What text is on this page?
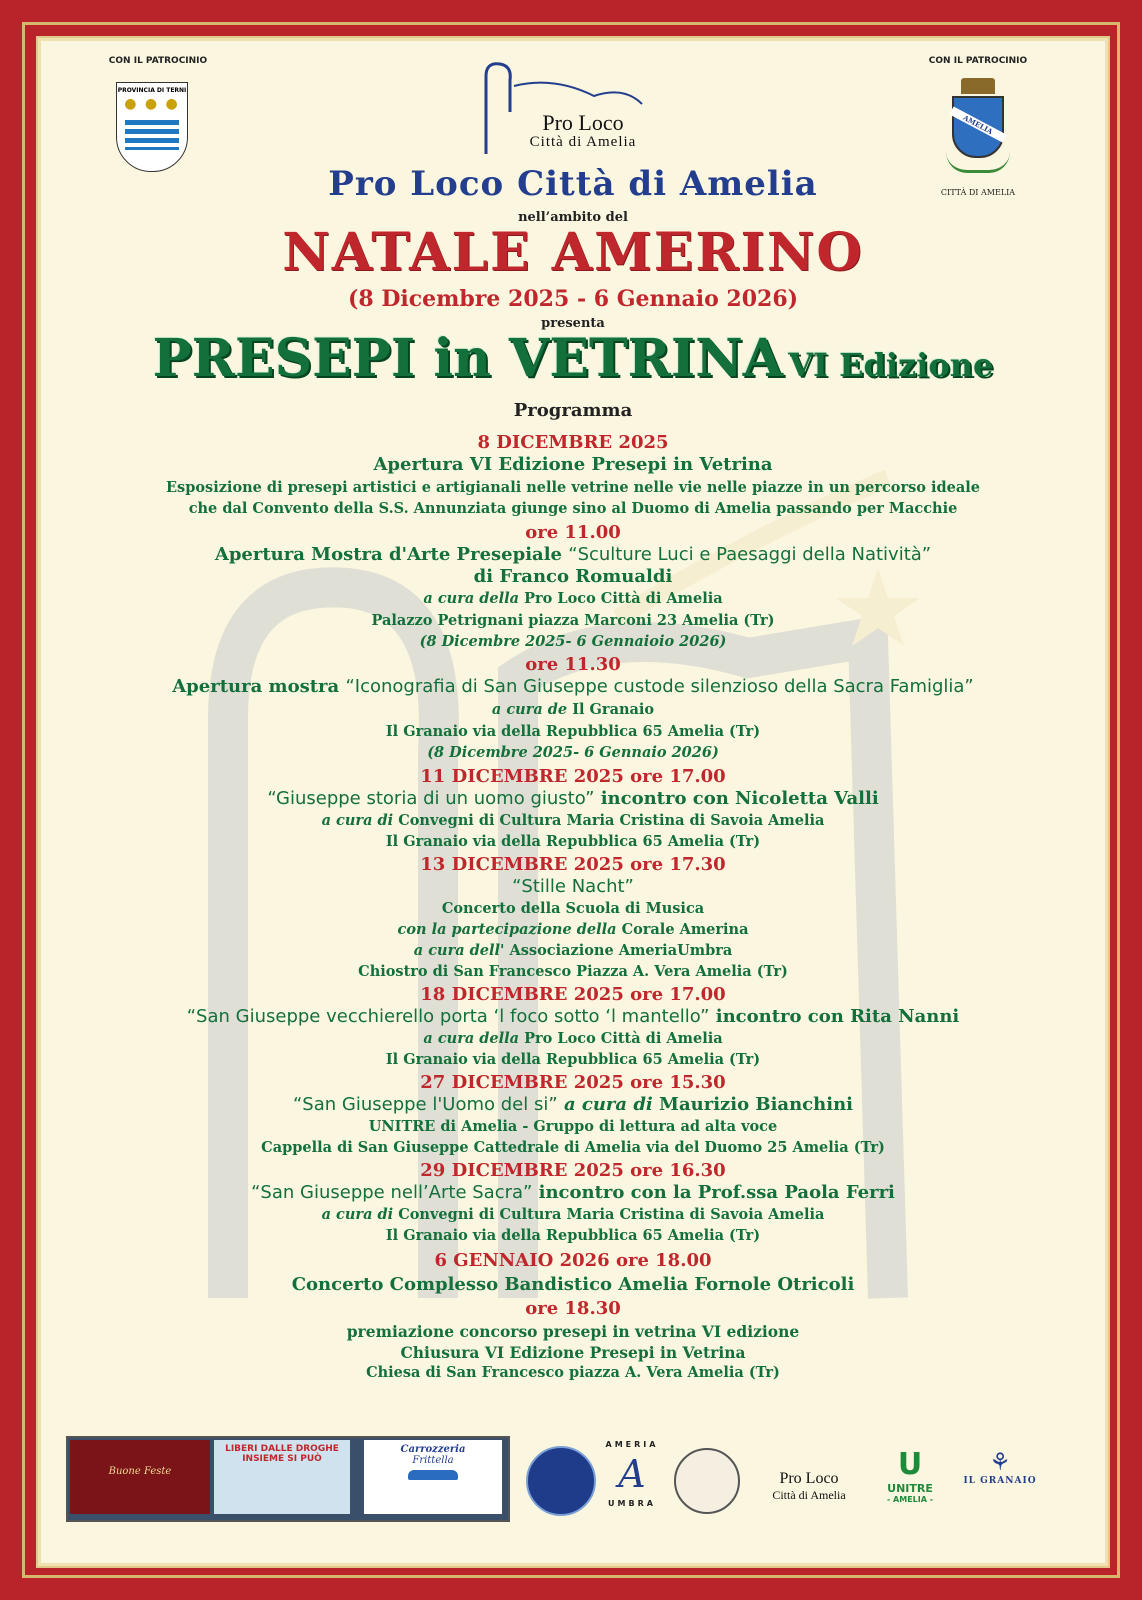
CON IL PATROCINIO
PROVINCIA DI TERNI
● ● ●
CON IL PATROCINIO
AMELIA
CITTÀ DI AMELIA
Pro Loco
Città di Amelia
Pro Loco Città di Amelia
nell’ambito del
NATALE AMERINO
(8 Dicembre 2025 - 6 Gennaio 2026)
presenta
PRESEPI in VETRINA VI Edizione
Programma
8 DICEMBRE 2025
Apertura VI Edizione Presepi in Vetrina
Esposizione di presepi artistici e artigianali nelle vetrine nelle vie nelle piazze in un percorso ideale
che dal Convento della S.S. Annunziata giunge sino al Duomo di Amelia passando per Macchie
ore 11.00
Apertura Mostra d'Arte Presepiale “Sculture Luci e Paesaggi della Natività”
di Franco Romualdi
a cura della Pro Loco Città di Amelia
Palazzo Petrignani piazza Marconi 23 Amelia (Tr)
(8 Dicembre 2025- 6 Gennaioio 2026)
ore 11.30
Apertura mostra “Iconografia di San Giuseppe custode silenzioso della Sacra Famiglia”
a cura de Il Granaio
Il Granaio via della Repubblica 65 Amelia (Tr)
(8 Dicembre 2025- 6 Gennaio 2026)
11 DICEMBRE 2025 ore 17.00
“Giuseppe storia di un uomo giusto” incontro con Nicoletta Valli
a cura di Convegni di Cultura Maria Cristina di Savoia Amelia
Il Granaio via della Repubblica 65 Amelia (Tr)
13 DICEMBRE 2025 ore 17.30
“Stille Nacht”
Concerto della Scuola di Musica
con la partecipazione della Corale Amerina
a cura dell' Associazione AmeriaUmbra
Chiostro di San Francesco Piazza A. Vera Amelia (Tr)
18 DICEMBRE 2025 ore 17.00
“San Giuseppe vecchierello porta ‘l foco sotto ‘l mantello” incontro con Rita Nanni
a cura della Pro Loco Città di Amelia
Il Granaio via della Repubblica 65 Amelia (Tr)
27 DICEMBRE 2025 ore 15.30
“San Giuseppe l'Uomo del si” a cura di Maurizio Bianchini
UNITRE di Amelia - Gruppo di lettura ad alta voce
Cappella di San Giuseppe Cattedrale di Amelia via del Duomo 25 Amelia (Tr)
29 DICEMBRE 2025 ore 16.30
“San Giuseppe nell’Arte Sacra” incontro con la Prof.ssa Paola Ferri
a cura di Convegni di Cultura Maria Cristina di Savoia Amelia
Il Granaio via della Repubblica 65 Amelia (Tr)
6 GENNAIO 2026 ore 18.00
Concerto Complesso Bandistico Amelia Fornole Otricoli
ore 18.30
premiazione concorso presepi in vetrina VI edizione
Chiusura VI Edizione Presepi in Vetrina
Chiesa di San Francesco piazza A. Vera Amelia (Tr)
Buone Feste
LIBERI DALLE DROGHE
INSIEME SI PUÒ
Carrozzeria
Frittella
AMERIA
A
UMBRA
Pro Loco
Città di Amelia
U
UNITRE
- AMELIA -
⚘
IL GRANAIO
